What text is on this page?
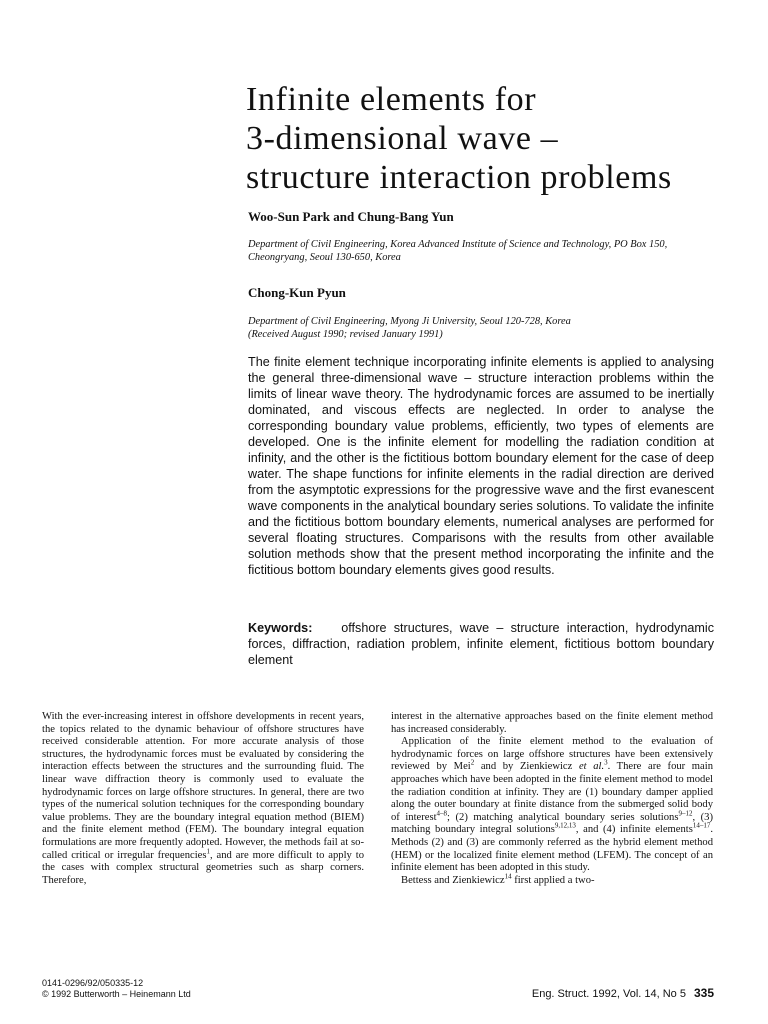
Infinite elements for
3-dimensional wave –
structure interaction problems

Woo-Sun Park and Chung-Bang Yun

Department of Civil Engineering, Korea Advanced Institute of Science and Technology, PO Box 150, Cheongryang, Seoul 130-650, Korea

Chong-Kun Pyun

Department of Civil Engineering, Myong Ji University, Seoul 120-728, Korea
(Received August 1990; revised January 1991)

The finite element technique incorporating infinite elements is applied to analysing the general three-dimensional wave – structure interaction problems within the limits of linear wave theory. The hydrodynamic forces are assumed to be inertially dominated, and viscous effects are neglected. In order to analyse the corresponding boundary value problems, efficiently, two types of elements are developed. One is the infinite element for modelling the radiation condition at infinity, and the other is the fictitious bottom boundary element for the case of deep water. The shape functions for infinite elements in the radial direction are derived from the asymptotic expressions for the progressive wave and the first evanescent wave components in the analytical boundary series solutions. To validate the infinite and the fictitious bottom boundary elements, numerical analyses are performed for several floating structures. Comparisons with the results from other available solution methods show that the present method incorporating the infinite and the fictitious bottom boundary elements gives good results.

Keywords: offshore structures, wave – structure interaction, hydrodynamic forces, diffraction, radiation problem, infinite element, fictitious bottom boundary element

With the ever-increasing interest in offshore developments in recent years, the topics related to the dynamic behaviour of offshore structures have received considerable attention. For more accurate analysis of those structures, the hydrodynamic forces must be evaluated by considering the interaction effects between the structures and the surrounding fluid. The linear wave diffraction theory is commonly used to evaluate the hydrodynamic forces on large offshore structures. In general, there are two types of the numerical solution techniques for the corresponding boundary value problems. They are the boundary integral equation method (BIEM) and the finite element method (FEM). The boundary integral equation formulations are more frequently adopted. However, the methods fail at so-called critical or irregular frequencies$^1$, and are more difficult to apply to the cases with complex structural geometries such as sharp corners. Therefore,

interest in the alternative approaches based on the finite element method has increased considerably.

Application of the finite element method to the evaluation of hydrodynamic forces on large offshore structures have been extensively reviewed by Mei$^2$ and by Zienkiewicz et al.$^3$. There are four main approaches which have been adopted in the finite element method to model the radiation condition at infinity. They are (1) boundary damper applied along the outer boundary at finite distance from the submerged solid body of interest$^{4-8}$; (2) matching analytical boundary series solutions$^{9-12}$, (3) matching boundary integral solutions$^{9,12,13}$, and (4) infinite elements$^{14-17}$. Methods (2) and (3) are commonly referred as the hybrid element method (HEM) or the localized finite element method (LFEM). The concept of an infinite element has been adopted in this study.

Bettess and Zienkiewicz$^{14}$ first applied a two-

0141-0296/92/050335-12
© 1992 Butterworth – Heinemann Ltd	Eng. Struct. 1992, Vol. 14, No 5 335
